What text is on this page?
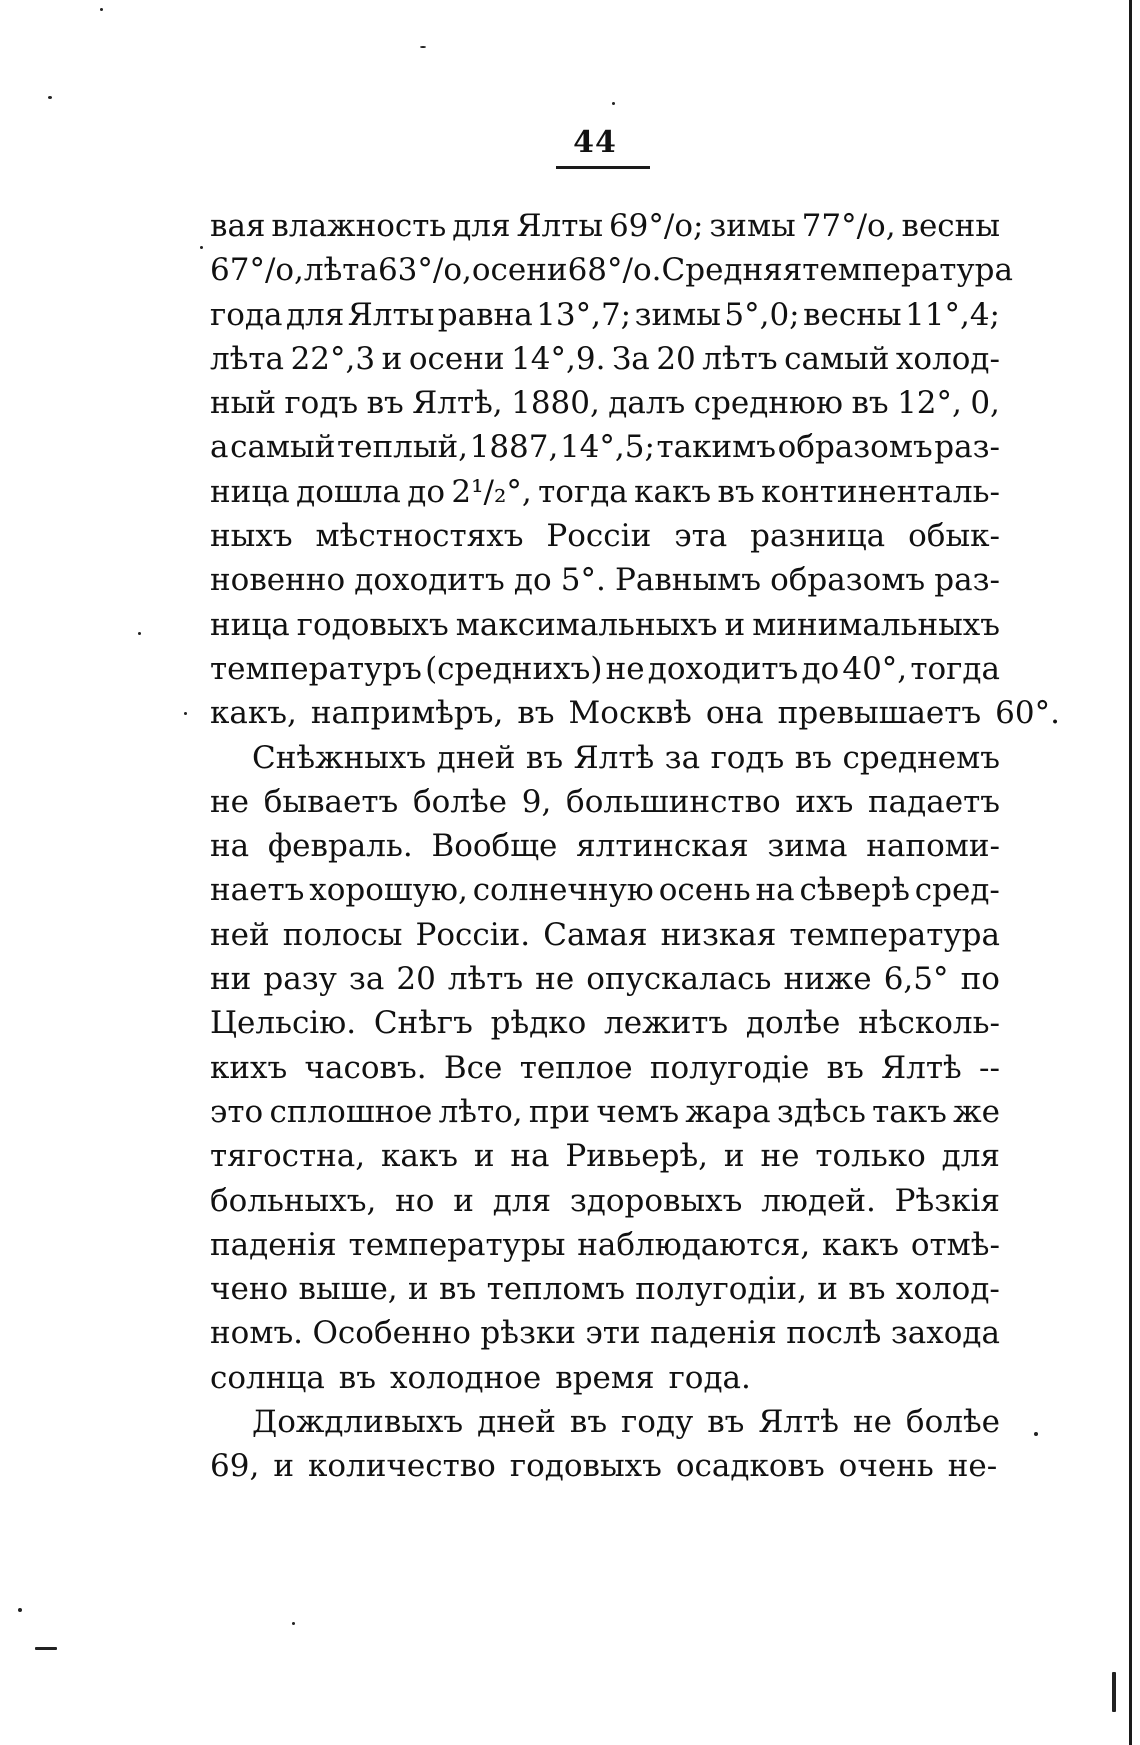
44
вая влажность для Ялты 69°/о; зимы 77°/о, весны
67°/о, лѣта 63°/о, осени 68°/о. Средняя температура
года для Ялты равна 13°,7; зимы 5°,0; весны 11°,4;
лѣта 22°,3 и осени 14°,9. За 20 лѣтъ самый холод-
ный годъ въ Ялтѣ, 1880, далъ среднюю въ 12°, 0,
а самый теплый, 1887, 14°,5; такимъ образомъ раз-
ница дошла до 2¹/₂°, тогда какъ въ континенталь-
ныхъ мѣстностяхъ Россіи эта разница обык-
новенно доходитъ до 5°. Равнымъ образомъ раз-
ница годовыхъ максимальныхъ и минимальныхъ
температуръ (среднихъ) не доходитъ до 40°, тогда
какъ, напримѣръ, въ Москвѣ она превышаетъ 60°.
Снѣжныхъ дней въ Ялтѣ за годъ въ среднемъ
не бываетъ болѣе 9, большинство ихъ падаетъ
на февраль. Вообще ялтинская зима напоми-
наетъ хорошую, солнечную осень на сѣверѣ сред-
ней полосы Россіи. Самая низкая температура
ни разу за 20 лѣтъ не опускалась ниже 6,5° по
Цельсію. Снѣгъ рѣдко лежитъ долѣе нѣсколь-
кихъ часовъ. Все теплое полугодіе въ Ялтѣ --
это сплошное лѣто, при чемъ жара здѣсь такъ же
тягостна, какъ и на Ривьерѣ, и не только для
больныхъ, но и для здоровыхъ людей. Рѣзкія
паденія температуры наблюдаются, какъ отмѣ-
чено выше, и въ тепломъ полугодіи, и въ холод-
номъ. Особенно рѣзки эти паденія послѣ захода
солнца въ холодное время года.
Дождливыхъ дней въ году въ Ялтѣ не болѣе
69, и количество годовыхъ осадковъ очень не-
